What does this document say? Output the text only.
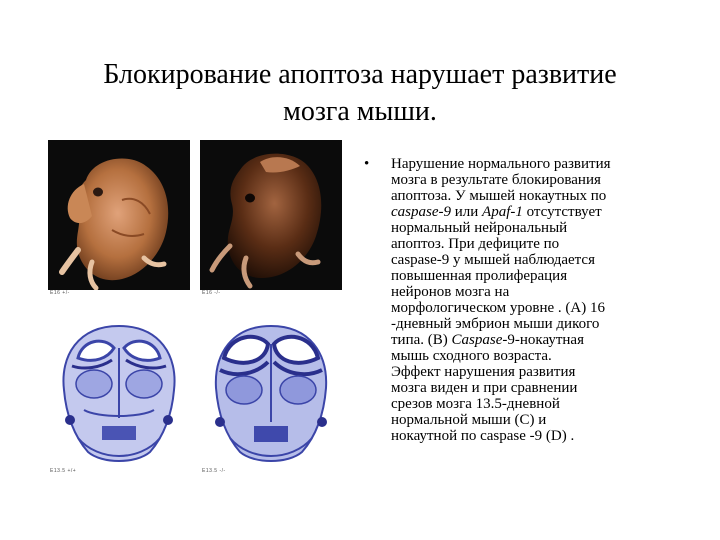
Блокирование апоптоза нарушает развитие
мозга мыши.
E16 +/-	E16 -/-
E13.5 +/+	E13.5 -/-
•	Нарушение нормального развития
мозга в результате блокирования
апоптоза. У мышей нокаутных по
caspase-9 или Apaf-1 отсутствует
нормальный нейрональный
апоптоз. При дефиците по
caspase-9 у мышей наблюдается
повышенная пролиферация
нейронов мозга на
морфологическом уровне . (А) 16
-дневный эмбрион мыши дикого
типа. (В) Caspase-9-нокаутная
мышь сходного возраста.
Эффект нарушения развития
мозга виден и при сравнении
срезов мозга 13.5-дневной
нормальной мыши (С) и
нокаутной по caspase -9 (D) .
